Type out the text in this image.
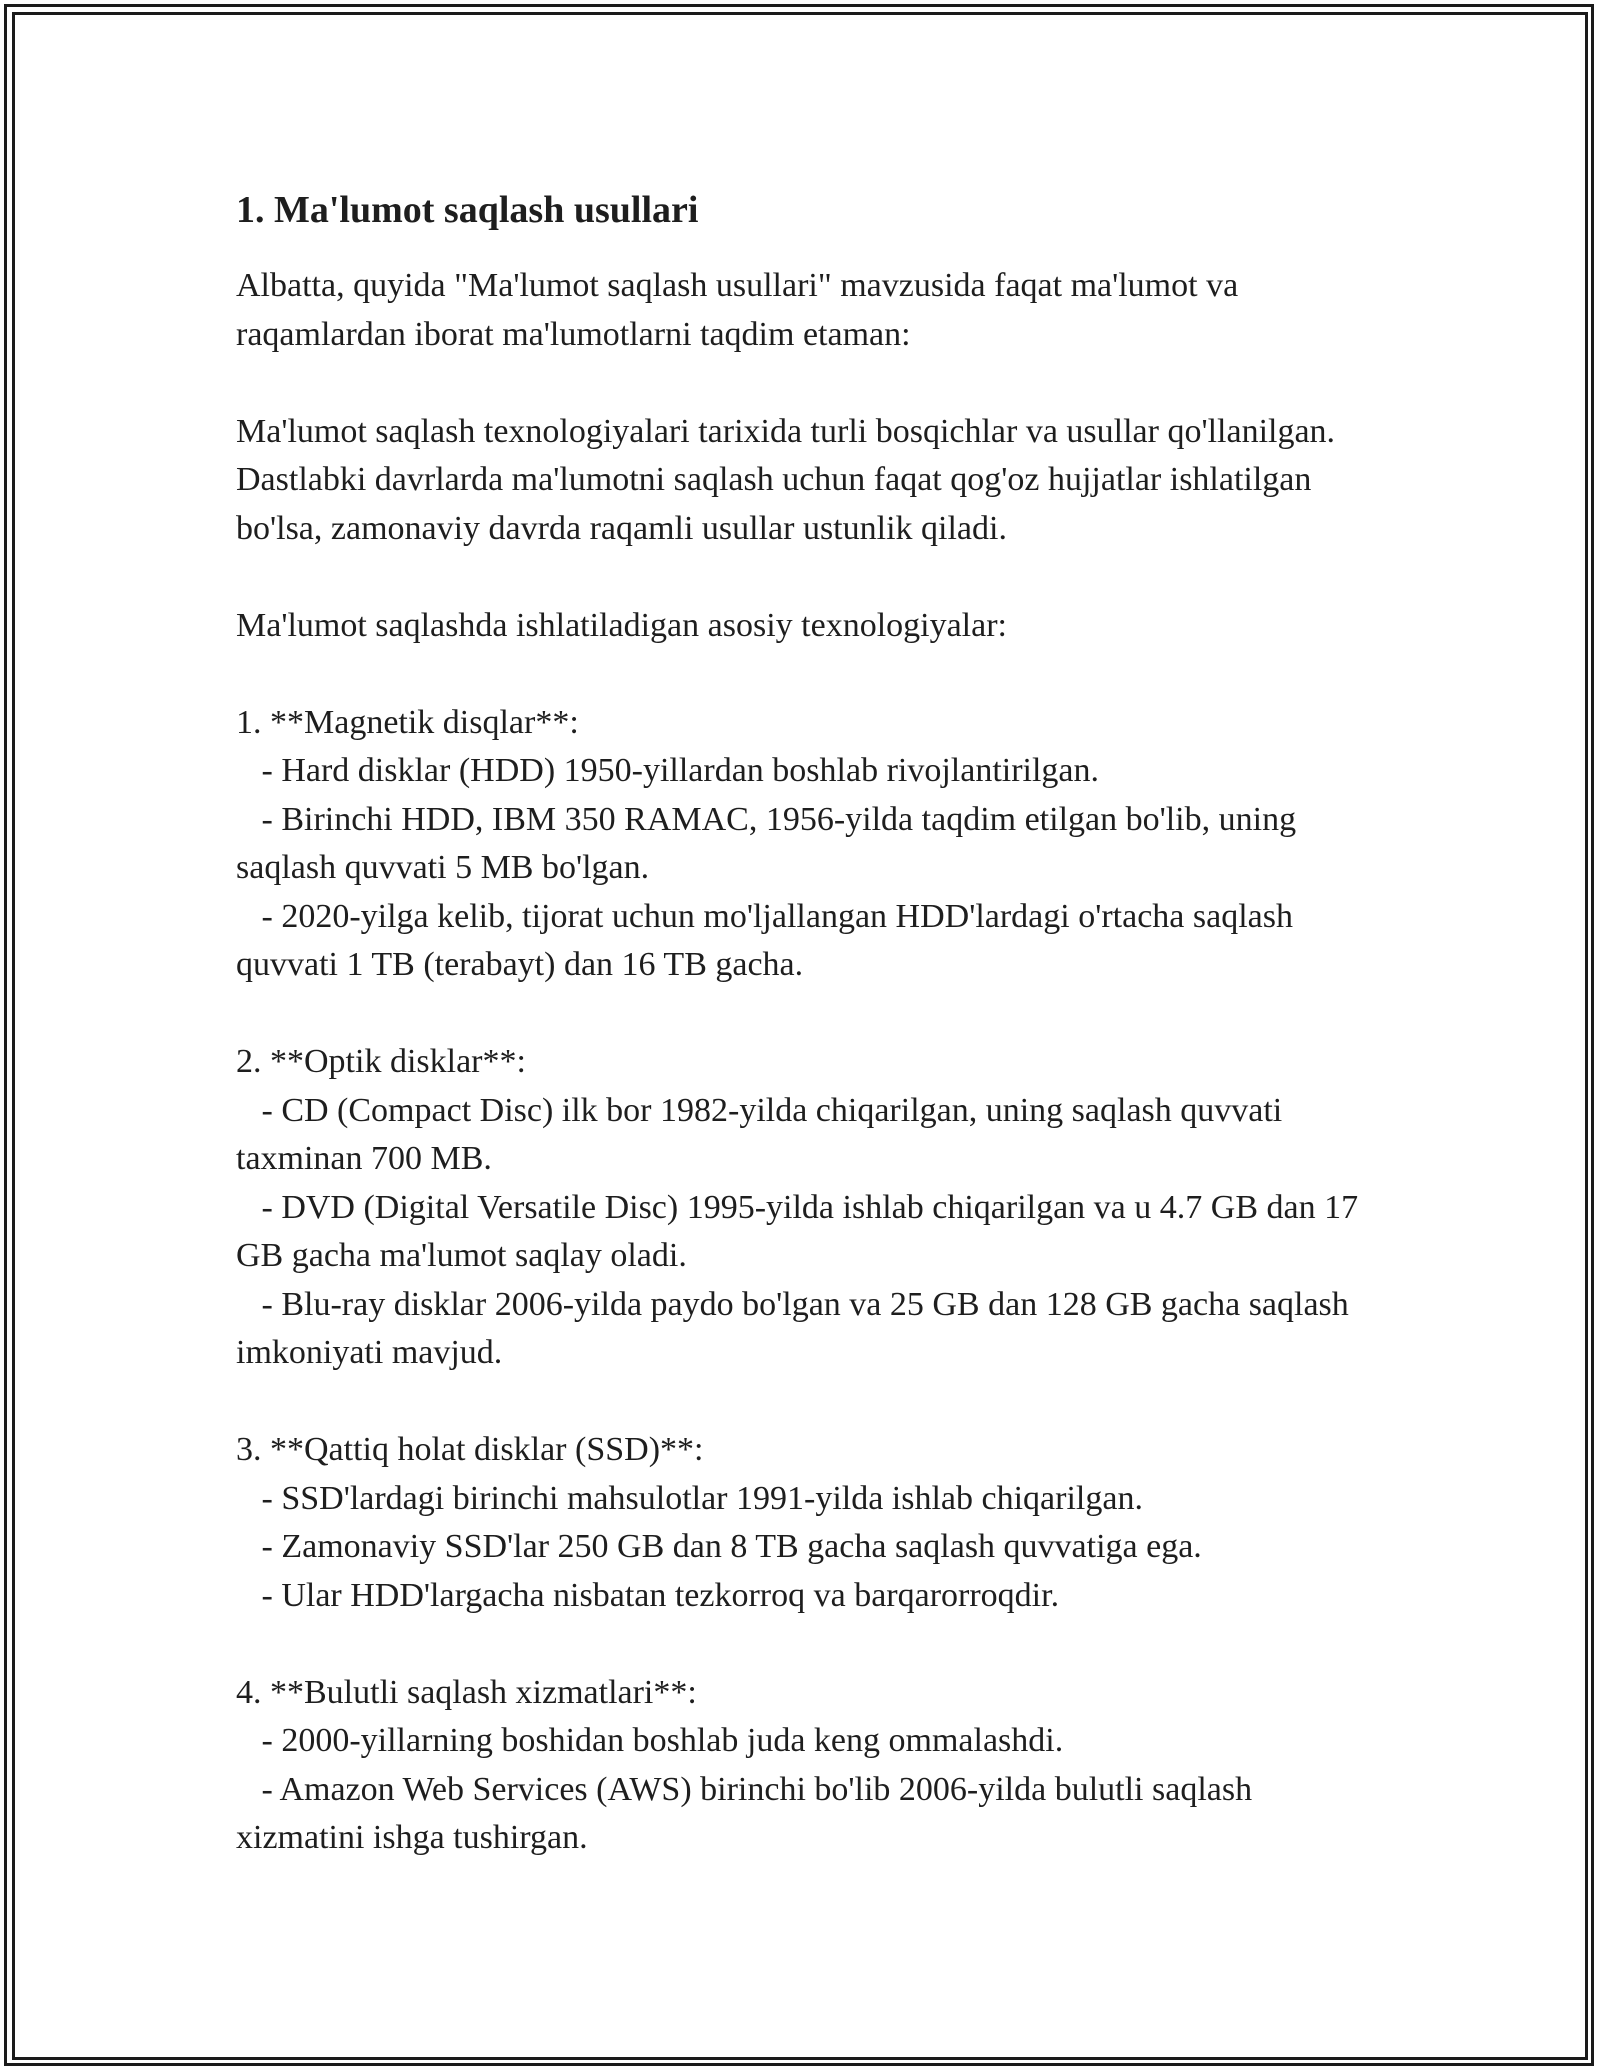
1. Ma'lumot saqlash usullari

Albatta, quyida "Ma'lumot saqlash usullari" mavzusida faqat ma'lumot va raqamlardan iborat ma'lumotlarni taqdim etaman:

Ma'lumot saqlash texnologiyalari tarixida turli bosqichlar va usullar qo'llanilgan. Dastlabki davrlarda ma'lumotni saqlash uchun faqat qog'oz hujjatlar ishlatilgan bo'lsa, zamonaviy davrda raqamli usullar ustunlik qiladi.

Ma'lumot saqlashda ishlatiladigan asosiy texnologiyalar:

1. **Magnetik disqlar**:

- Hard disklar (HDD) 1950-yillardan boshlab rivojlantirilgan.

- Birinchi HDD, IBM 350 RAMAC, 1956-yilda taqdim etilgan bo'lib, uning saqlash quvvati 5 MB bo'lgan.

- 2020-yilga kelib, tijorat uchun mo'ljallangan HDD'lardagi o'rtacha saqlash quvvati 1 TB (terabayt) dan 16 TB gacha.

2. **Optik disklar**:

- CD (Compact Disc) ilk bor 1982-yilda chiqarilgan, uning saqlash quvvati taxminan 700 MB.

- DVD (Digital Versatile Disc) 1995-yilda ishlab chiqarilgan va u 4.7 GB dan 17 GB gacha ma'lumot saqlay oladi.

- Blu-ray disklar 2006-yilda paydo bo'lgan va 25 GB dan 128 GB gacha saqlash imkoniyati mavjud.

3. **Qattiq holat disklar (SSD)**:

- SSD'lardagi birinchi mahsulotlar 1991-yilda ishlab chiqarilgan.

- Zamonaviy SSD'lar 250 GB dan 8 TB gacha saqlash quvvatiga ega.

- Ular HDD'largacha nisbatan tezkorroq va barqarorroqdir.

4. **Bulutli saqlash xizmatlari**:

- 2000-yillarning boshidan boshlab juda keng ommalashdi.

- Amazon Web Services (AWS) birinchi bo'lib 2006-yilda bulutli saqlash xizmatini ishga tushirgan.
